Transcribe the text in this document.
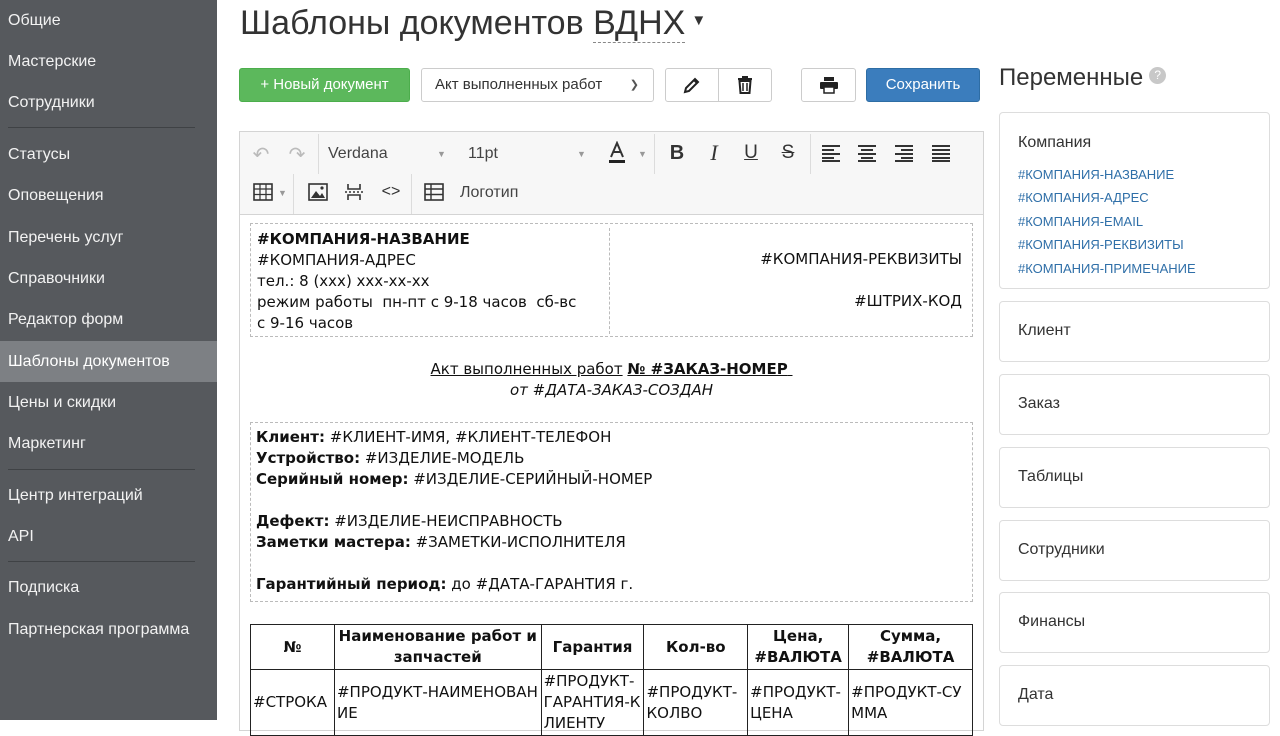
Общие
Мастерские
Сотрудники
Статусы
Оповещения
Перечень услуг
Справочники
Редактор форм
Шаблоны документов
Цены и скидки
Маркетинг
Центр интеграций
API
Подписка
Партнерская программа
Шаблоны документов ВДНХ ▼
+ Новый документ	Акт выполненных работ	❯	Сохранить
↶ ↷ Verdana	▼ 11pt	▼	▼ B	I	U S
▼	<>	Логотип
#КОМПАНИЯ-НАЗВАНИЕ
#КОМПАНИЯ-АДРЕС
тел.: 8 (ххх) ххх-хх-хх
режим работы  пн-пт с 9-18 часов  сб-вс
с 9-16 часов
#КОМПАНИЯ-РЕКВИЗИТЫ
#ШТРИХ-КОД
Акт выполненных работ № #ЗАКАЗ-НОМЕР
от #ДАТА-ЗАКАЗ-СОЗДАН
Клиент: #КЛИЕНТ-ИМЯ, #КЛИЕНТ-ТЕЛЕФОН
Устройство: #ИЗДЕЛИЕ-МОДЕЛЬ
Серийный номер: #ИЗДЕЛИЕ-СЕРИЙНЫЙ-НОМЕР
Дефект: #ИЗДЕЛИЕ-НЕИСПРАВНОСТЬ
Заметки мастера: #ЗАМЕТКИ-ИСПОЛНИТЕЛЯ
Гарантийный период: до #ДАТА-ГАРАНТИЯ г.
№	Наименование работ и запчастей	Гарантия	Кол-во	Цена, #ВАЛЮТА	Сумма, #ВАЛЮТА
#СТРОКА	#ПРОДУКТ-НАИМЕНОВАНИЕ	#ПРОДУКТ-ГАРАНТИЯ-КЛИЕНТУ	#ПРОДУКТ-КОЛВО	#ПРОДУКТ-ЦЕНА	#ПРОДУКТ-СУММА
Переменные ?
Компания
#КОМПАНИЯ-НАЗВАНИЕ
#КОМПАНИЯ-АДРЕС
#КОМПАНИЯ-EMAIL
#КОМПАНИЯ-РЕКВИЗИТЫ
#КОМПАНИЯ-ПРИМЕЧАНИЕ
Клиент
Заказ
Таблицы
Сотрудники
Финансы
Дата
